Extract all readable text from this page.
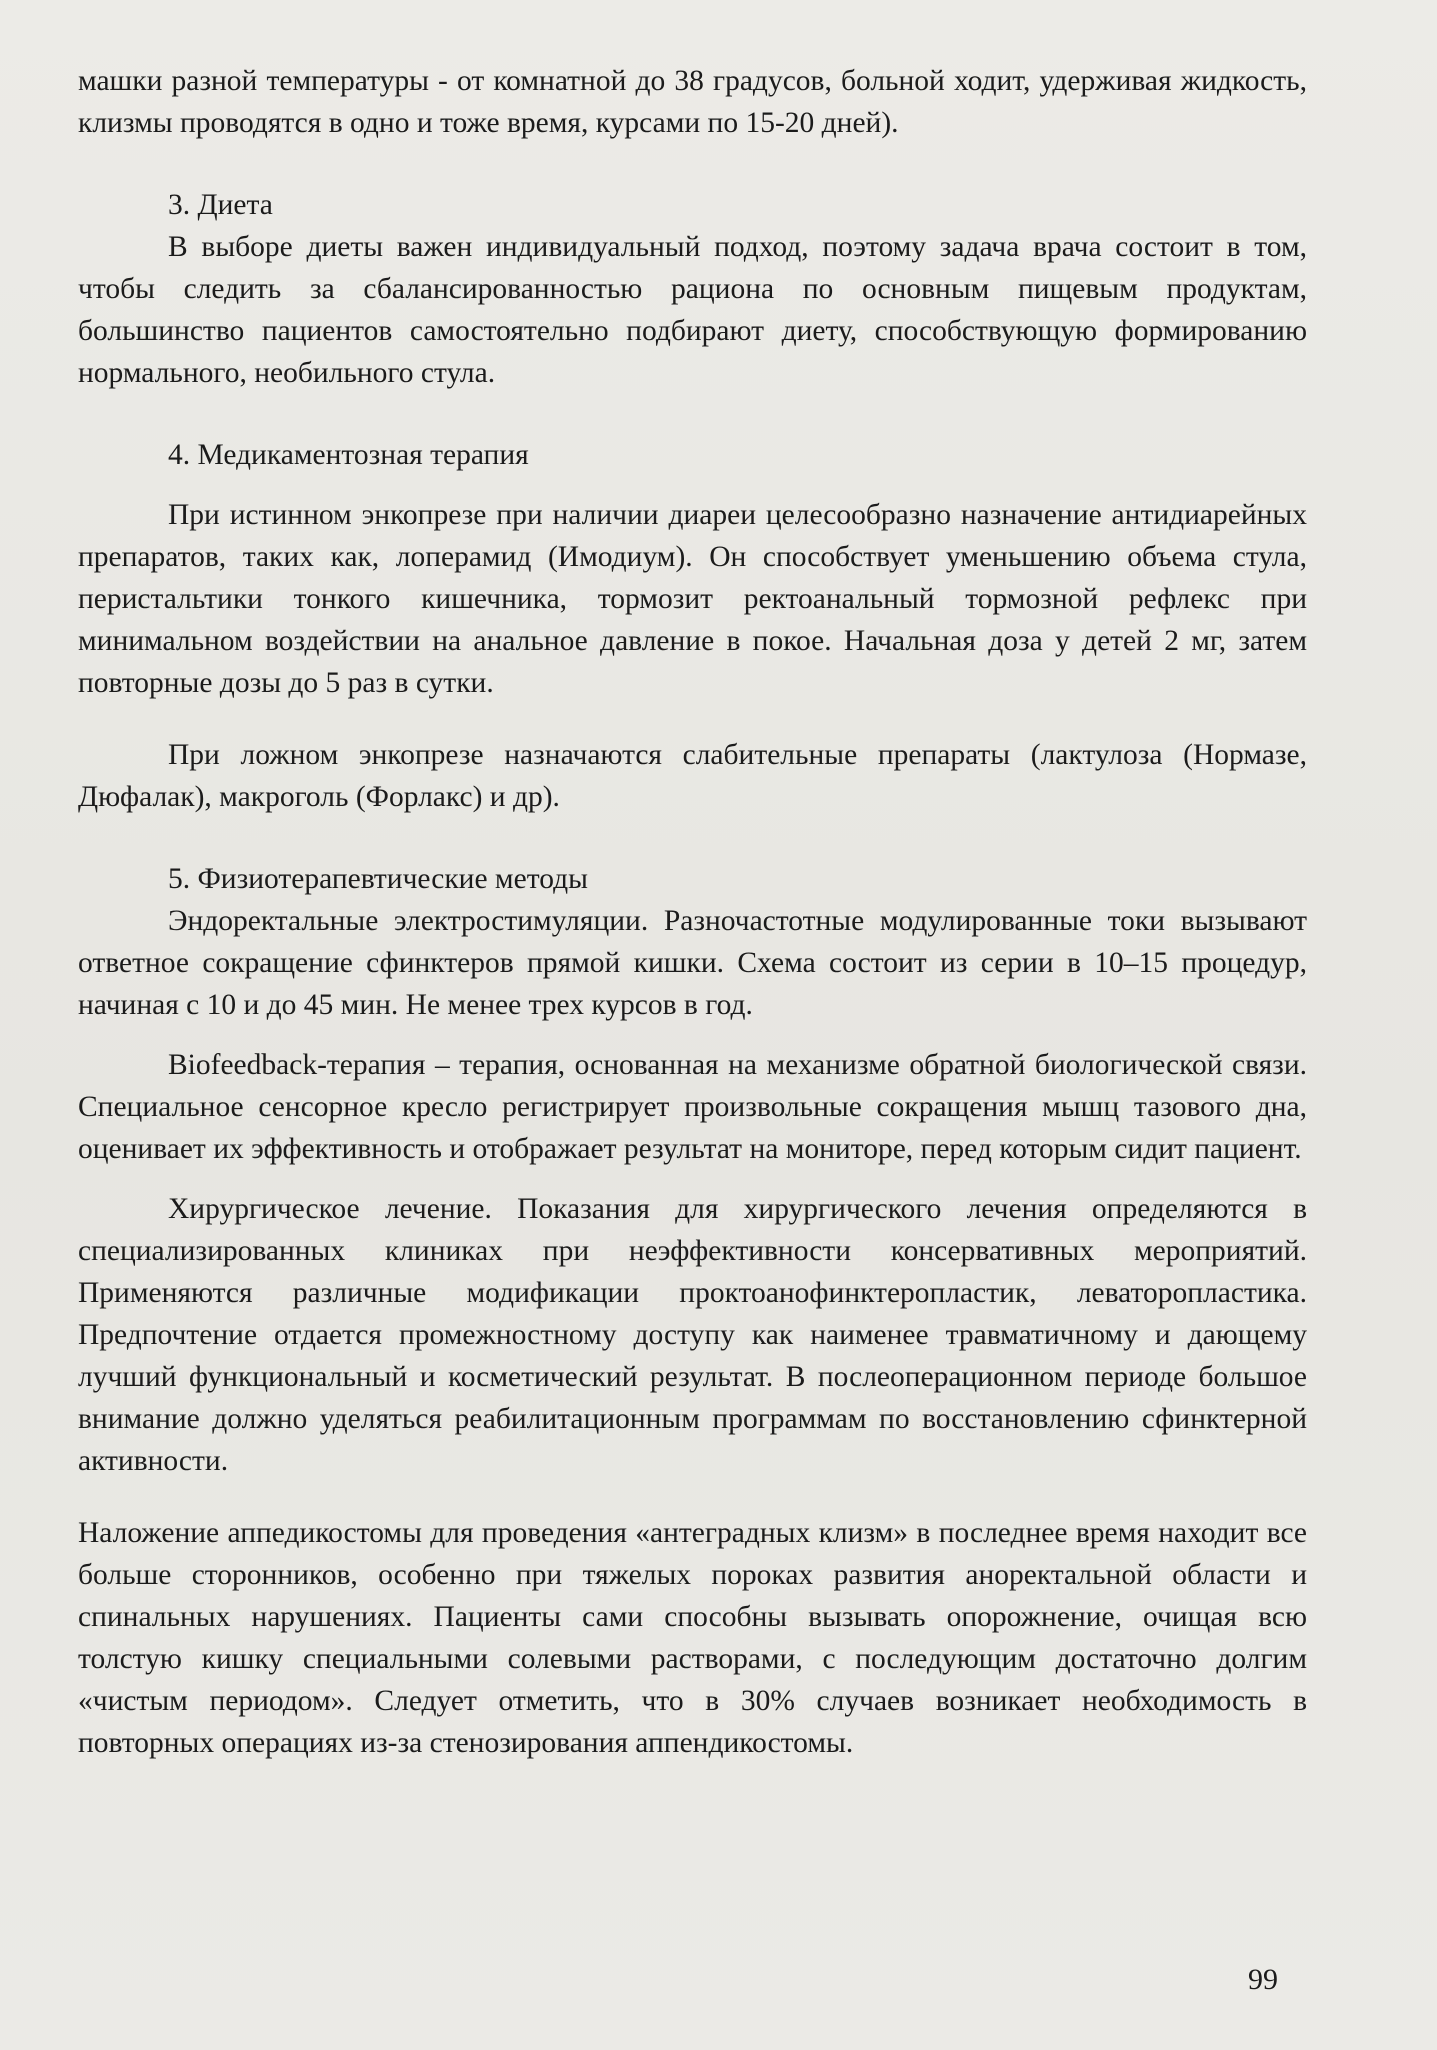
машки разной температуры - от комнатной до 38 градусов, больной ходит, удерживая жидкость, клизмы проводятся в одно и тоже время, курсами по 15-20 дней).

3. Диета

В выборе диеты важен индивидуальный подход, поэтому задача врача состоит в том, чтобы следить за сбалансированностью рациона по основным пищевым продуктам, большинство пациентов самостоятельно подбирают диету, способствующую формированию нормального, необильного стула.

4. Медикаментозная терапия

При истинном энкопрезе при наличии диареи целесообразно назначение антидиарейных препаратов, таких как, лоперамид (Имодиум). Он способствует уменьшению объема стула, перистальтики тонкого кишечника, тормозит ректоанальный тормозной рефлекс при минимальном воздействии на анальное давление в покое. Начальная доза у детей 2 мг, затем повторные дозы до 5 раз в сутки.

При ложном энкопрезе назначаются слабительные препараты (лактулоза (Нормазе, Дюфалак), макроголь (Форлакс) и др).

5. Физиотерапевтические методы

Эндоректальные электростимуляции. Разночастотные модулированные токи вызывают ответное сокращение сфинктеров прямой кишки. Схема состоит из серии в 10–15 процедур, начиная с 10 и до 45 мин. Не менее трех курсов в год.

Biofeedback-терапия – терапия, основанная на механизме обратной биологической связи. Специальное сенсорное кресло регистрирует произвольные сокращения мышц тазового дна, оценивает их эффективность и отображает результат на мониторе, перед которым сидит пациент.

Хирургическое лечение. Показания для хирургического лечения определяются в специализированных клиниках при неэффективности консервативных мероприятий. Применяются различные модификации проктоанофинктеропластик, леваторопластика. Предпочтение отдается промежностному доступу как наименее травматичному и дающему лучший функциональный и косметический результат. В послеоперационном периоде большое внимание должно уделяться реабилитационным программам по восстановлению сфинктерной активности.

Наложение аппедикостомы для проведения «антеградных клизм» в последнее время находит все больше сторонников, особенно при тяжелых пороках развития аноректальной области и спинальных нарушениях. Пациенты сами способны вызывать опорожнение, очищая всю толстую кишку специальными солевыми растворами, с последующим достаточно долгим «чистым периодом». Следует отметить, что в 30% случаев возникает необходимость в повторных операциях из-за стенозирования аппендикостомы.

99
